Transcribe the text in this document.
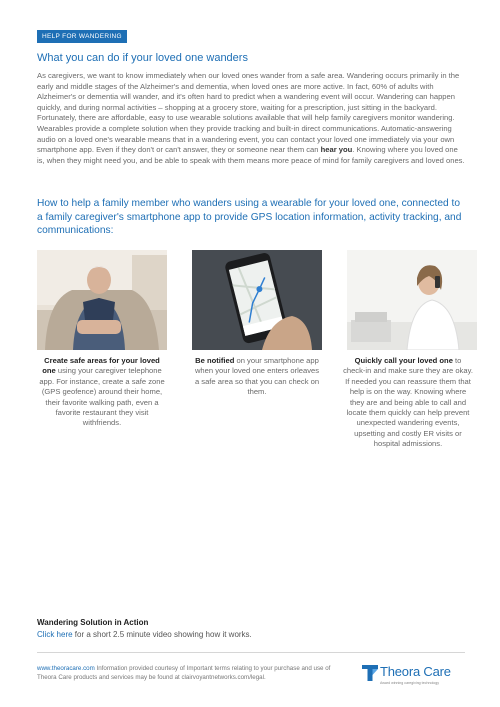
HELP FOR WANDERING
What you can do if your loved one wanders

As caregivers, we want to know immediately when our loved ones wander from a safe area. Wandering occurs primarily in the early and middle stages of the Alzheimer's and dementia, when loved ones are more active. In fact, 60% of adults with Alzheimer's or dementia will wander, and it's often hard to predict when a wandering event will occur. Wandering can happen quickly, and during normal activities – shopping at a grocery store, waiting for a prescription, just sitting in the backyard. Fortunately, there are affordable, easy to use wearable solutions available that will help family caregivers monitor wandering. Wearables provide a complete solution when they provide tracking and built-in direct communications. Automatic-answering audio on a loved one's wearable means that in a wandering event, you can contact your loved one immediately via your own smartphone app. Even if they don't or can't answer, they or someone near them can hear you. Knowing where you loved one is, when they might need you, and be able to speak with them means more peace of mind for family caregivers and loved ones.

How to help a family member who wanders using a wearable for your loved one, connected to a family caregiver's smartphone app to provide GPS location information, activity tracking, and communications:
Create safe areas for your loved one using your caregiver telephone app. For instance, create a safe zone (GPS geofence) around their home, their favorite walking path, even a favorite restaurant they visit withfriends.
Be notified on your smartphone app when your loved one enters orleaves a safe area so that you can check on them.
Quickly call your loved one to check-in and make sure they are okay. If needed you can reassure them that help is on the way. Knowing where they are and being able to call and locate them quickly can help prevent unexpected wandering events, upsetting and costly ER visits or hospital admissions.
Wandering Solution in Action
Click here for a short 2.5 minute video showing how it works.
www.theoracare.com Information provided courtesy of Important terms relating to your purchase and use of Theora Care products and services may be found at clairvoyantnetworks.com/legal.	Theora Care
Award winning caregiving technology
